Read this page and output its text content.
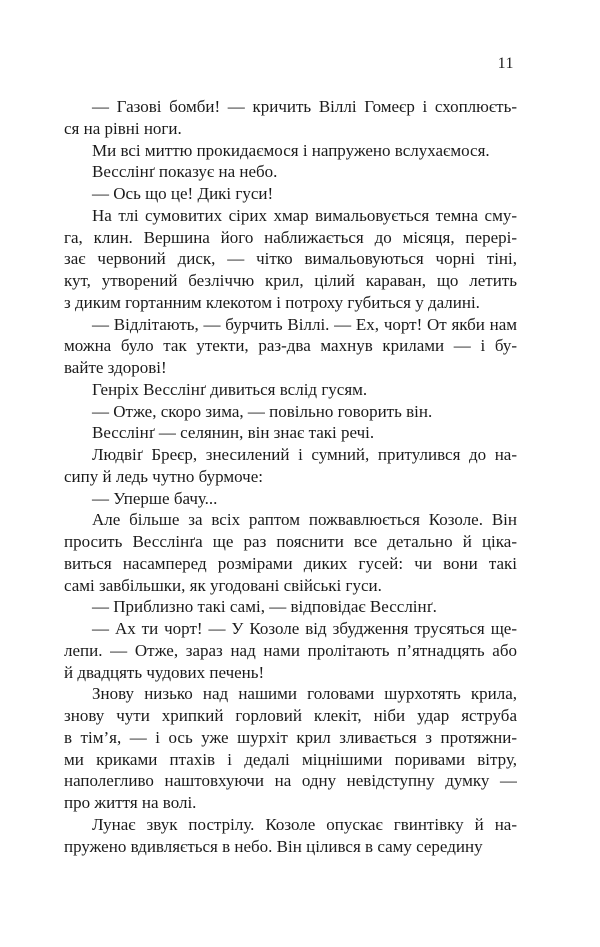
11
— Газові бомби! — кричить Віллі Гомеєр і схоплюєть-
ся на рівні ноги.
Ми всі миттю прокидаємося і напружено вслухаємося.
Весслінґ показує на небо.
— Ось що це! Дикі гуси!
На тлі сумовитих сірих хмар вимальовується темна сму-
га, клин. Вершина його наближається до місяця, перері-
зає червоний диск, — чітко вимальовуються чорні тіні,
кут, утворений безліччю крил, цілий караван, що летить
з диким гортанним клекотом і потроху губиться у далині.
— Відлітають, — бурчить Віллі. — Ех, чорт! От якби нам
можна було так утекти, раз-два махнув крилами — і бу-
вайте здорові!
Генріх Весслінґ дивиться вслід гусям.
— Отже, скоро зима, — повільно говорить він.
Весслінґ — селянин, він знає такі речі.
Людвіґ Бреєр, знесилений і сумний, притулився до на-
сипу й ледь чутно бурмоче:
— Уперше бачу...
Але більше за всіх раптом пожвавлюється Козоле. Він
просить Весслінґа ще раз пояснити все детально й ціка-
виться насамперед розмірами диких гусей: чи вони такі
самі завбільшки, як угодовані свійські гуси.
— Приблизно такі самі, — відповідає Весслінґ.
— Ах ти чорт! — У Козоле від збудження трусяться ще-
лепи. — Отже, зараз над нами пролітають п’ятнадцять або
й двадцять чудових печень!
Знову низько над нашими головами шурхотять крила,
знову чути хрипкий горловий клекіт, ніби удар яструба
в тім’я, — і ось уже шурхіт крил зливається з протяжни-
ми криками птахів і дедалі міцнішими поривами вітру,
наполегливо наштовхуючи на одну невідступну думку —
про життя на волі.
Лунає звук пострілу. Козоле опускає гвинтівку й на-
пружено вдивляється в небо. Він цілився в саму середину
